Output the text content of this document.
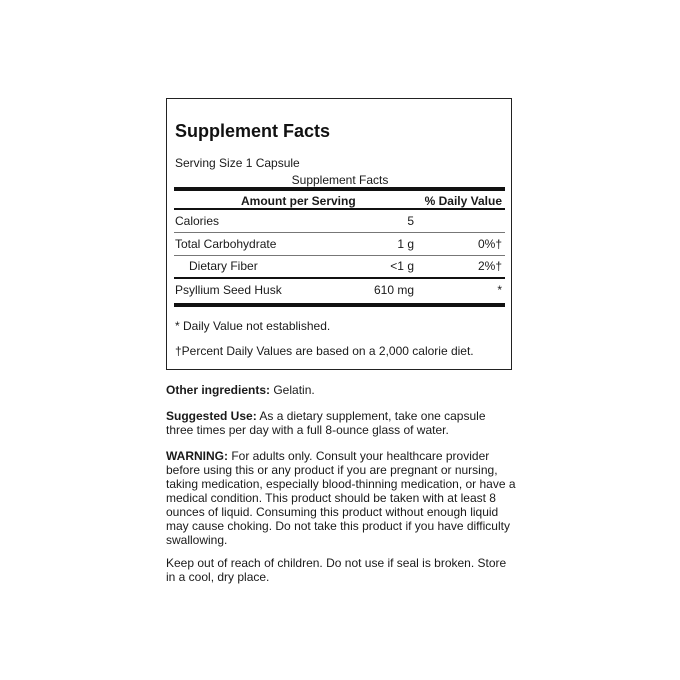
Supplement Facts
Serving Size 1 Capsule
Supplement Facts
Amount per Serving	% Daily Value
Calories	5
Total Carbohydrate	1 g	0%†
Dietary Fiber	<1 g	2%†
Psyllium Seed Husk	610 mg	*
* Daily Value not established.
†Percent Daily Values are based on a 2,000 calorie diet.
Other ingredients: Gelatin.
Suggested Use: As a dietary supplement, take one capsule three times per day with a full 8-ounce glass of water.
WARNING: For adults only. Consult your healthcare provider before using this or any product if you are pregnant or nursing, taking medication, especially blood-thinning medication, or have a medical condition. This product should be taken with at least 8 ounces of liquid. Consuming this product without enough liquid may cause choking. Do not take this product if you have difficulty swallowing.
Keep out of reach of children. Do not use if seal is broken. Store in a cool, dry place.
